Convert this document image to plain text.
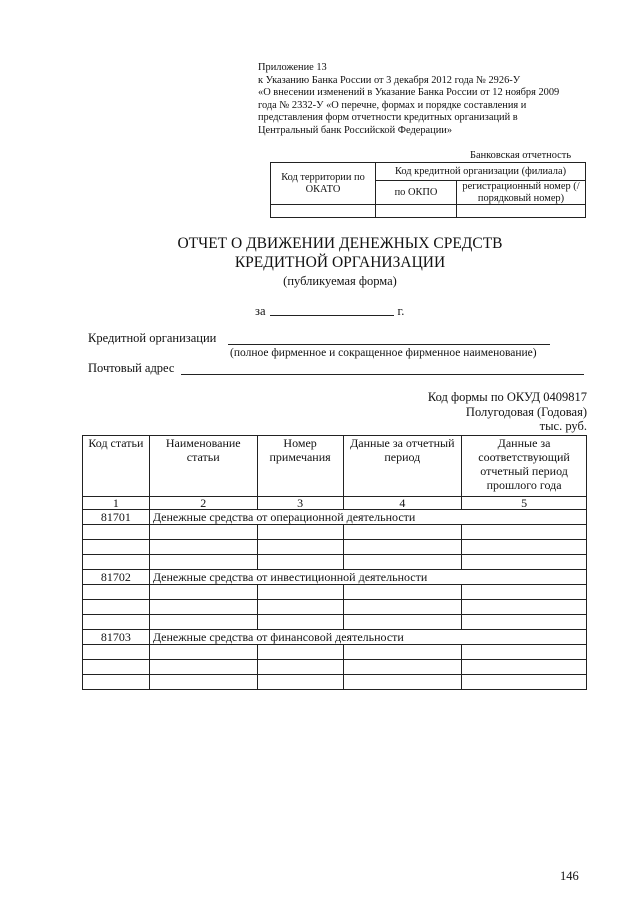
Приложение 13
к Указанию Банка России от 3 декабря 2012 года № 2926-У
«О внесении изменений в Указание Банка России от 12 ноября 2009
года № 2332-У «О перечне, формах и порядке составления и
представления форм отчетности кредитных организаций в
Центральный банк Российской Федерации»
Банковская отчетность
Код территории по ОКАТО	Код кредитной организации (филиала)	
	по ОКПО	регистрационный номер (/порядковый номер)

ОТЧЕТ О ДВИЖЕНИИ ДЕНЕЖНЫХ СРЕДСТВ
КРЕДИТНОЙ ОРГАНИЗАЦИИ
(публикуемая форма)
за	г.
Кредитной организации
(полное фирменное и сокращенное фирменное наименование)
Почтовый адрес
Код формы по ОКУД 0409817
Полугодовая (Годовая)
тыс. руб.
Код статьи	Наименование статьи	Номер примечания	Данные за отчетный период	Данные за соответствующий отчетный период прошлого года
1	2	3	4	5
81701	Денежные средства от операционной деятельности			

81702	Денежные средства от инвестиционной деятельности			

81703	Денежные средства от финансовой деятельности			

146
